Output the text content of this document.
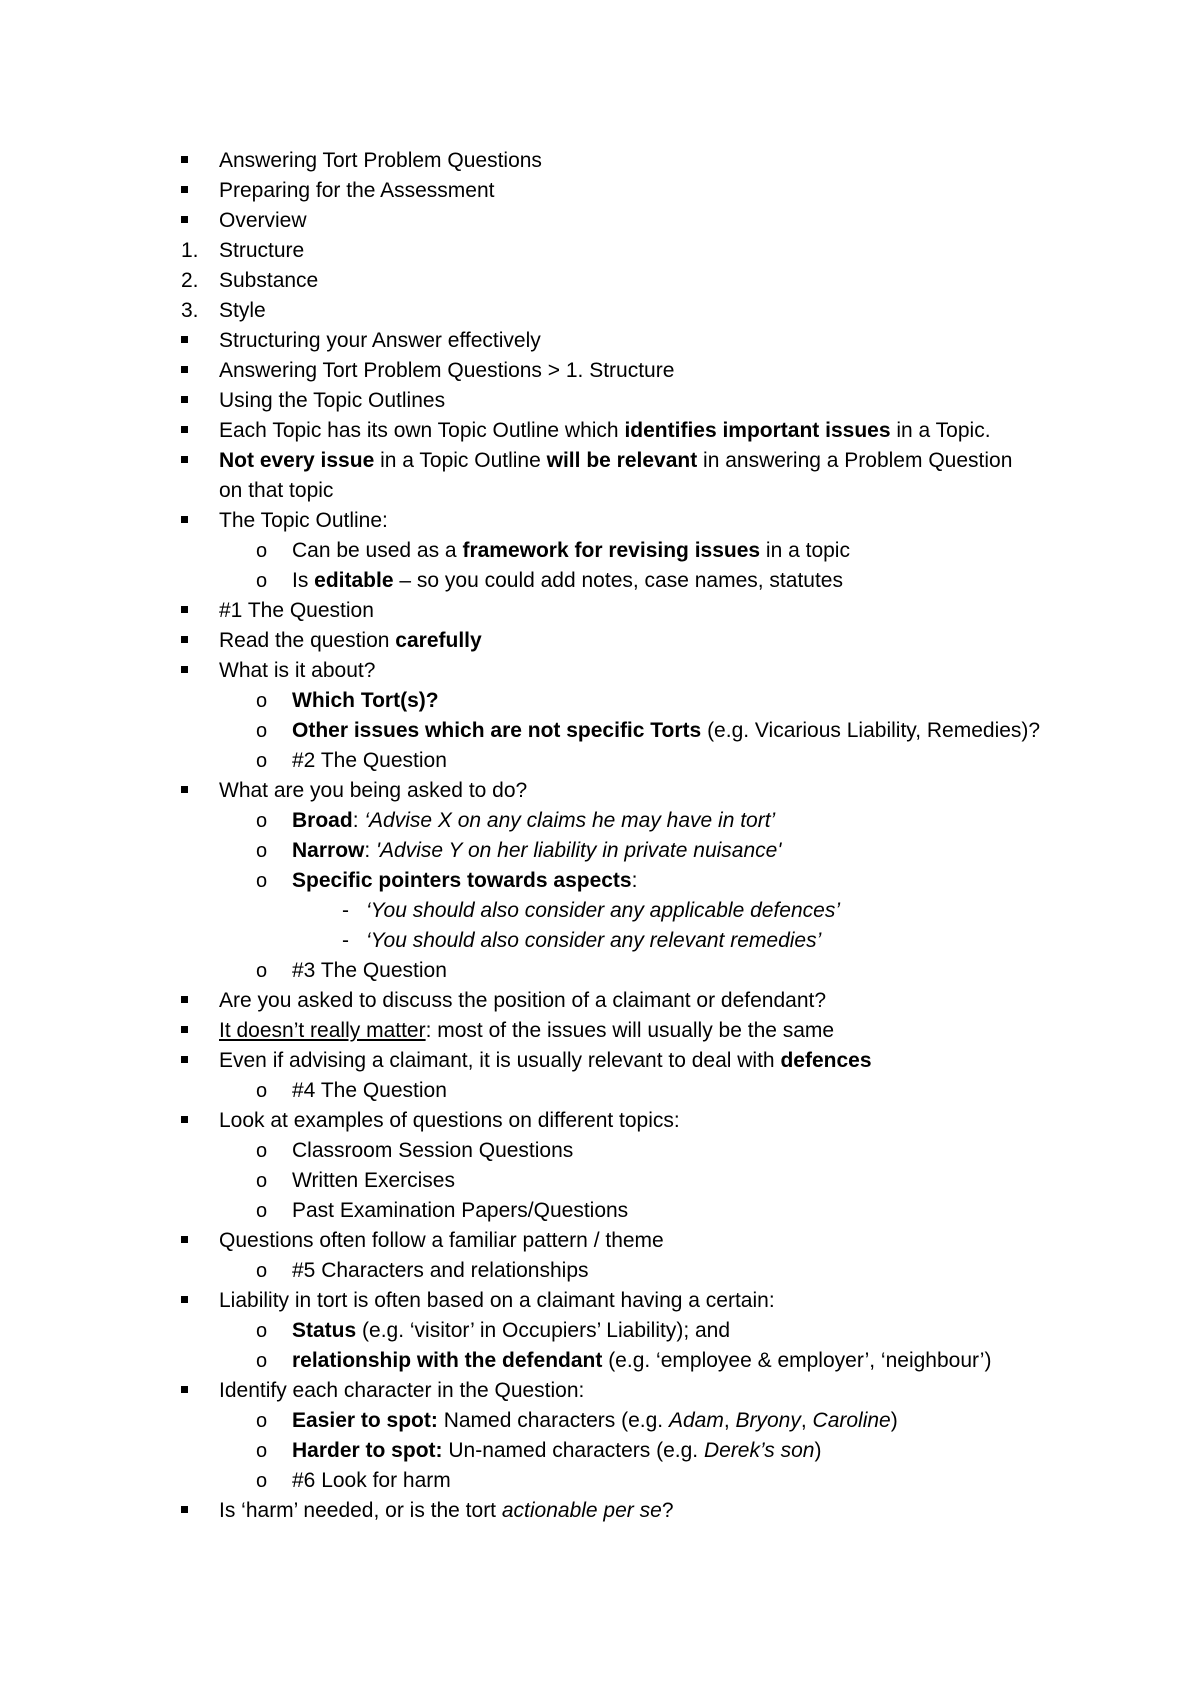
Answering Tort Problem Questions
Preparing for the Assessment
Overview
1. Structure
2. Substance
3. Style
Structuring your Answer effectively
Answering Tort Problem Questions > 1. Structure
Using the Topic Outlines
Each Topic has its own Topic Outline which identifies important issues in a Topic.
Not every issue in a Topic Outline will be relevant in answering a Problem Question
on that topic
The Topic Outline:
o	Can be used as a framework for revising issues in a topic
o	Is editable – so you could add notes, case names, statutes
#1 The Question
Read the question carefully
What is it about?
o	Which Tort(s)?
o	Other issues which are not specific Torts (e.g. Vicarious Liability, Remedies)?
o	#2 The Question
What are you being asked to do?
o	Broad: ‘Advise X on any claims he may have in tort’
o	Narrow: 'Advise Y on her liability in private nuisance'
o	Specific pointers towards aspects:
- ‘You should also consider any applicable defences’
- ‘You should also consider any relevant remedies’
o	#3 The Question
Are you asked to discuss the position of a claimant or defendant?
It doesn’t really matter: most of the issues will usually be the same
Even if advising a claimant, it is usually relevant to deal with defences
o	#4 The Question
Look at examples of questions on different topics:
o	Classroom Session Questions
o	Written Exercises
o	Past Examination Papers/Questions
Questions often follow a familiar pattern / theme
o	#5 Characters and relationships
Liability in tort is often based on a claimant having a certain:
o	Status (e.g. ‘visitor’ in Occupiers’ Liability); and
o	relationship with the defendant (e.g. ‘employee & employer’, ‘neighbour’)
Identify each character in the Question:
o	Easier to spot: Named characters (e.g. Adam, Bryony, Caroline)
o	Harder to spot: Un-named characters (e.g. Derek’s son)
o	#6 Look for harm
Is ‘harm’ needed, or is the tort actionable per se?
